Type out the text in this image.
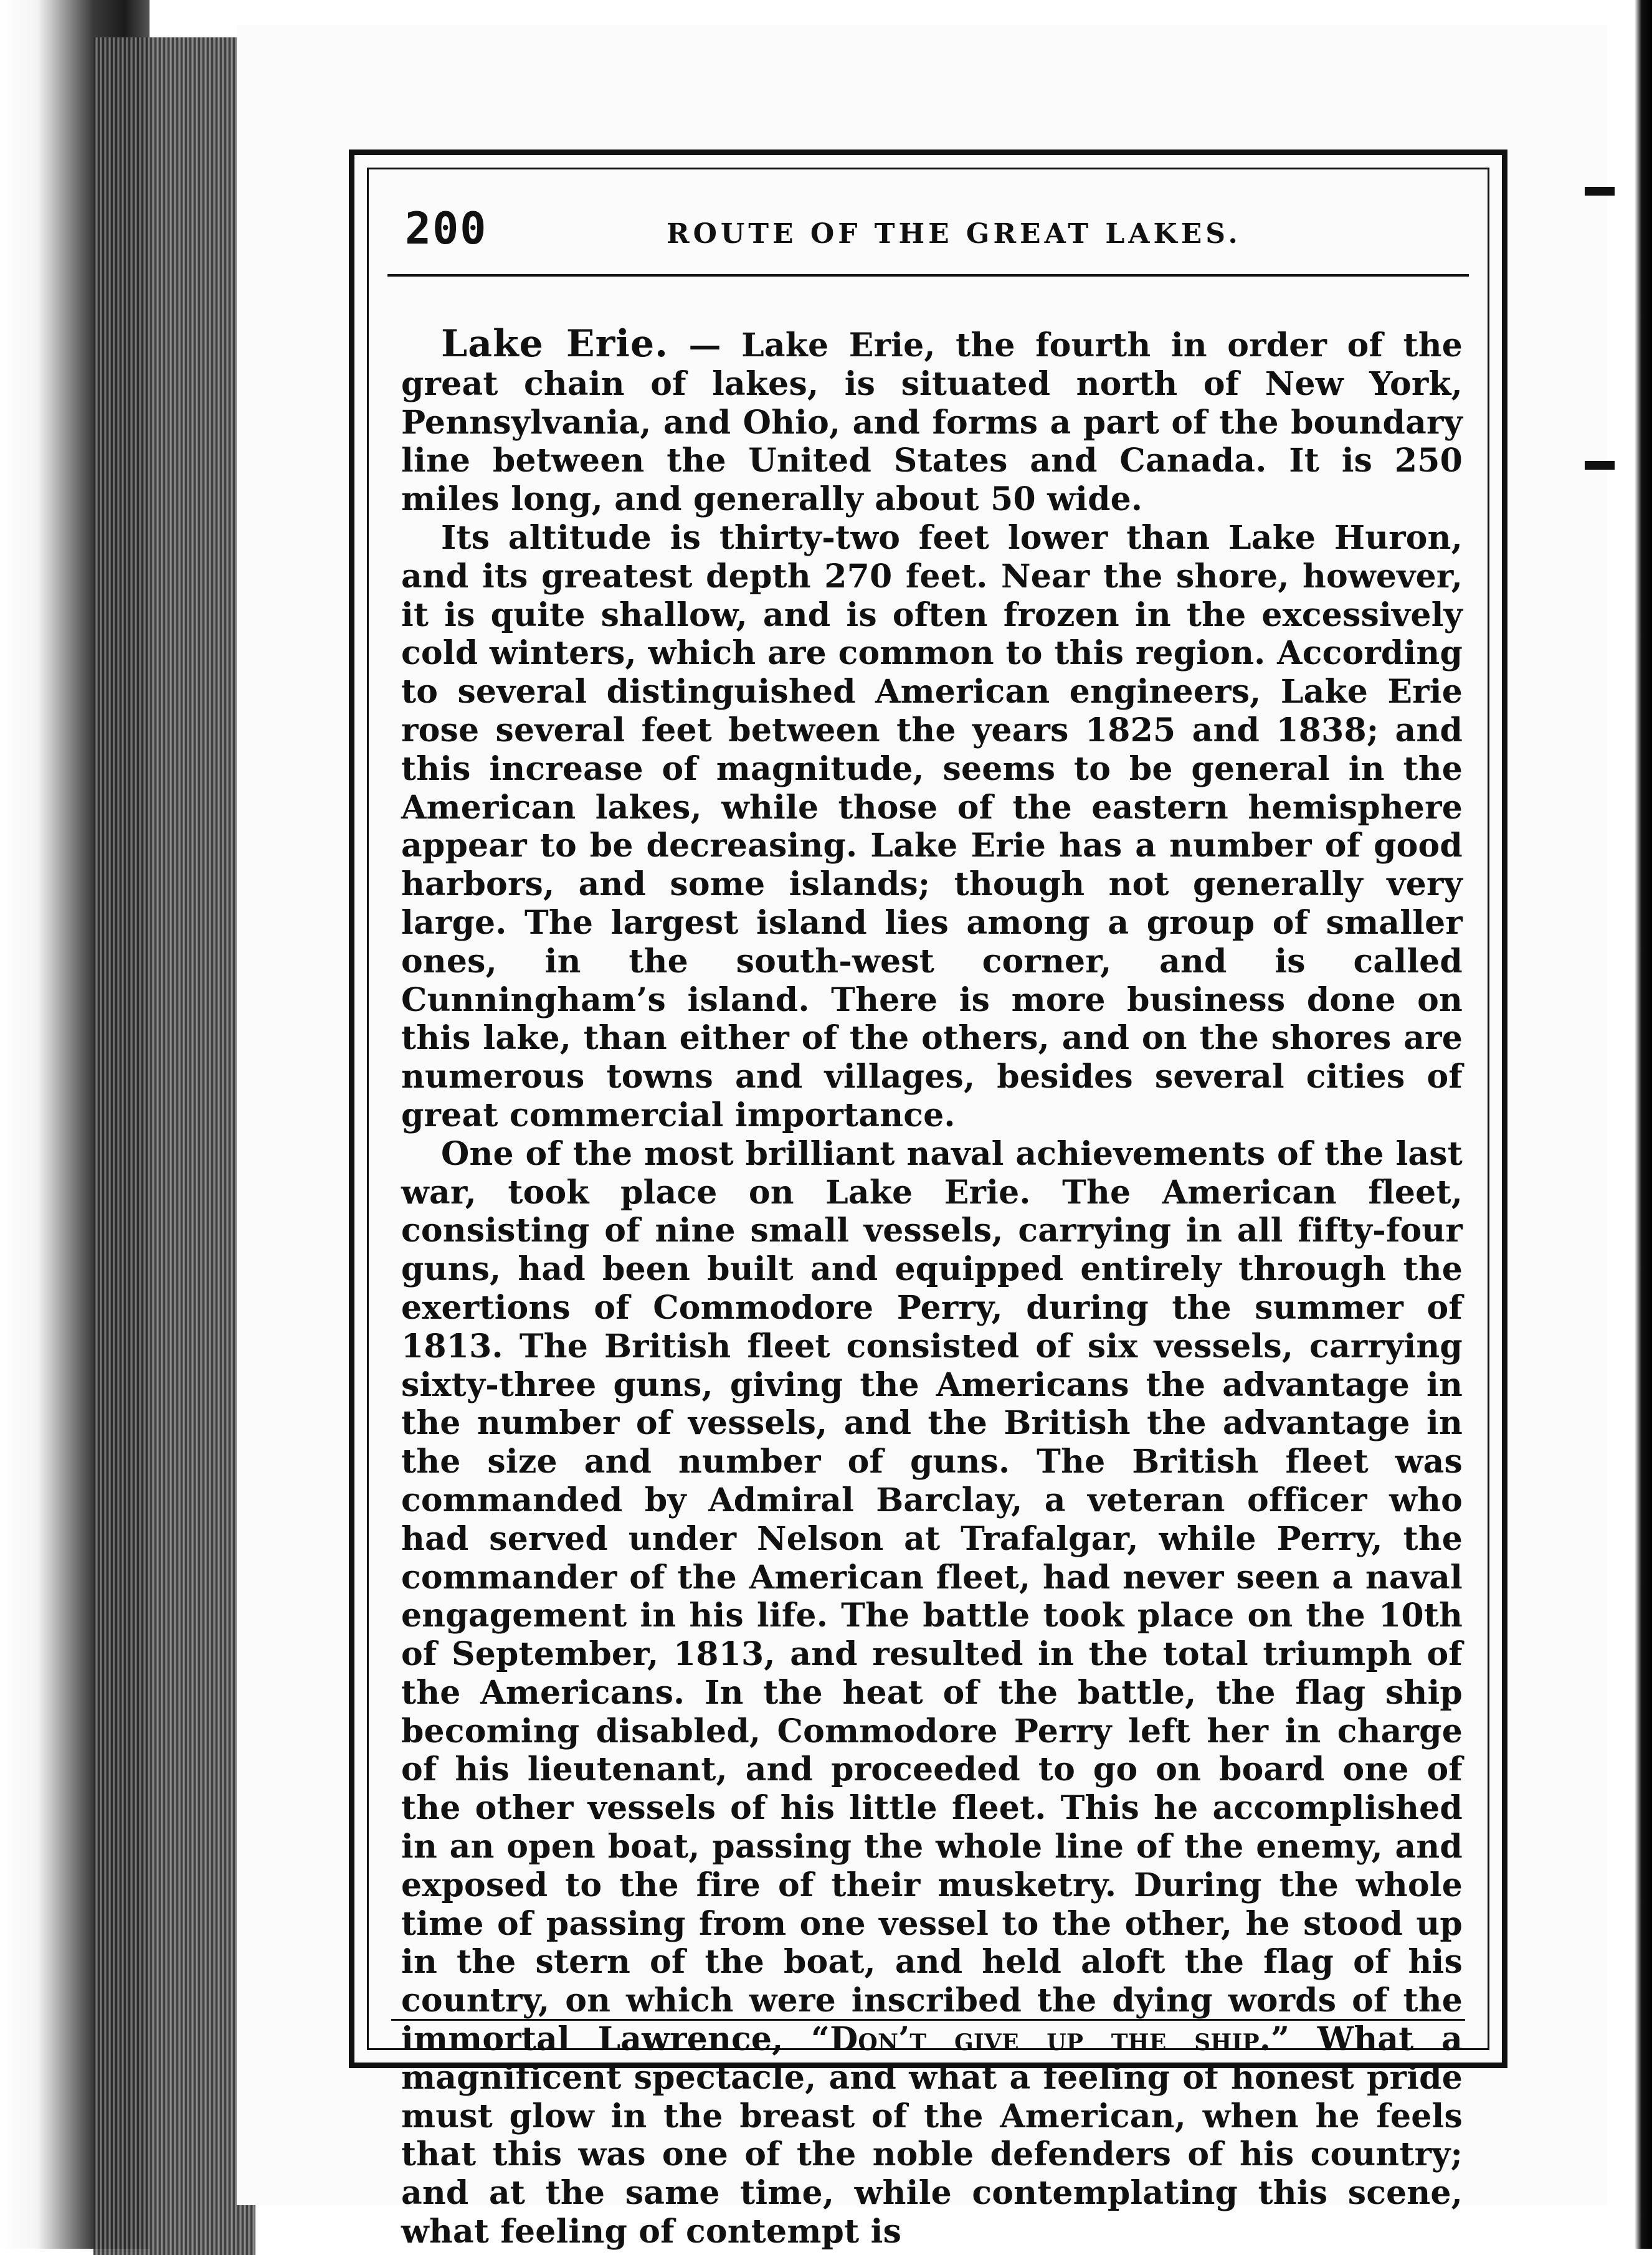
200	ROUTE OF THE GREAT LAKES.

Lake Erie. — Lake Erie, the fourth in order of the great chain of lakes, is situated north of New York, Pennsylvania, and Ohio, and forms a part of the boundary line between the United States and Canada. It is 250 miles long, and generally about 50 wide.

Its altitude is thirty-two feet lower than Lake Huron, and its greatest depth 270 feet. Near the shore, however, it is quite shallow, and is often frozen in the excessively cold winters, which are common to this region. According to several distinguished American engineers, Lake Erie rose several feet between the years 1825 and 1838; and this increase of magnitude, seems to be general in the American lakes, while those of the eastern hemisphere appear to be decreasing. Lake Erie has a number of good harbors, and some islands; though not generally very large. The largest island lies among a group of smaller ones, in the south-west corner, and is called Cunningham’s island. There is more business done on this lake, than either of the others, and on the shores are numerous towns and villages, besides several cities of great commercial importance.

One of the most brilliant naval achievements of the last war, took place on Lake Erie. The American fleet, consisting of nine small vessels, carrying in all fifty-four guns, had been built and equipped entirely through the exertions of Commodore Perry, during the summer of 1813. The British fleet consisted of six vessels, carrying sixty-three guns, giving the Americans the advantage in the number of vessels, and the British the advantage in the size and number of guns. The British fleet was commanded by Admiral Barclay, a veteran officer who had served under Nelson at Trafalgar, while Perry, the commander of the American fleet, had never seen a naval engagement in his life. The battle took place on the 10th of September, 1813, and resulted in the total triumph of the Americans. In the heat of the battle, the flag ship becoming disabled, Commodore Perry left her in charge of his lieutenant, and proceeded to go on board one of the other vessels of his little fleet. This he accomplished in an open boat, passing the whole line of the enemy, and exposed to the fire of their musketry. During the whole time of passing from one vessel to the other, he stood up in the stern of the boat, and held aloft the flag of his country, on which were inscribed the dying words of the immortal Lawrence, “Don’t give up the ship.” What a magnificent spectacle, and what a feeling of honest pride must glow in the breast of the American, when he feels that this was one of the noble defenders of his country; and at the same time, while contemplating this scene, what feeling of contempt is
